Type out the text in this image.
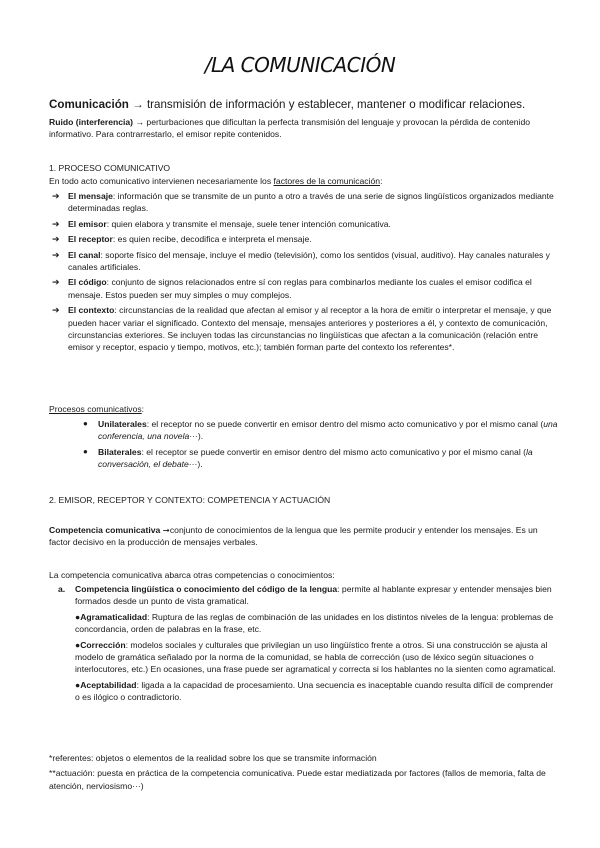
/LA COMUNICACIÓN
Comunicación → transmisión de información y establecer, mantener o modificar relaciones.
Ruido (interferencia) → perturbaciones que dificultan la perfecta transmisión del lenguaje y provocan la pérdida de contenido informativo. Para contrarrestarlo, el emisor repite contenidos.
1. PROCESO COMUNICATIVO
En todo acto comunicativo intervienen necesariamente los factores de la comunicación:
➔ El mensaje: información que se transmite de un punto a otro a través de una serie de signos lingüísticos organizados mediante determinadas reglas.
➔ El emisor: quien elabora y transmite el mensaje, suele tener intención comunicativa.
➔ El receptor: es quien recibe, decodifica e interpreta el mensaje.
➔ El canal: soporte físico del mensaje, incluye el medio (televisión), como los sentidos (visual, auditivo). Hay canales naturales y canales artificiales.
➔ El código: conjunto de signos relacionados entre sí con reglas para combinarlos mediante los cuales el emisor codifica el mensaje. Estos pueden ser muy simples o muy complejos.
➔ El contexto: circunstancias de la realidad que afectan al emisor y al receptor a la hora de emitir o interpretar el mensaje, y que pueden hacer variar el significado. Contexto del mensaje, mensajes anteriores y posteriores a él, y contexto de comunicación, circunstancias exteriores. Se incluyen todas las circunstancias no lingüísticas que afectan a la comunicación (relación entre emisor y receptor, espacio y tiempo, motivos, etc.); también forman parte del contexto los referentes*.
Procesos comunicativos:
● Unilaterales: el receptor no se puede convertir en emisor dentro del mismo acto comunicativo y por el mismo canal (una conferencia, una novela···).
● Bilaterales: el receptor se puede convertir en emisor dentro del mismo acto comunicativo y por el mismo canal (la conversación, el debate···).
2. EMISOR, RECEPTOR Y CONTEXTO: COMPETENCIA Y ACTUACIÓN
Competencia comunicativa ➞conjunto de conocimientos de la lengua que les permite producir y entender los mensajes. Es un factor decisivo en la producción de mensajes verbales.
La competencia comunicativa abarca otras competencias o conocimientos:
a. Competencia lingüística o conocimiento del código de la lengua: permite al hablante expresar y entender mensajes bien formados desde un punto de vista gramatical.
●Agramaticalidad: Ruptura de las reglas de combinación de las unidades en los distintos niveles de la lengua: problemas de concordancia, orden de palabras en la frase, etc.
●Corrección: modelos sociales y culturales que privilegian un uso lingüístico frente a otros. Si una construcción se ajusta al modelo de gramática señalado por la norma de la comunidad, se habla de corrección (uso de léxico según situaciones o interlocutores, etc.) En ocasiones, una frase puede ser agramatical y correcta si los hablantes no la sienten como agramatical.
●Aceptabilidad: ligada a la capacidad de procesamiento. Una secuencia es inaceptable cuando resulta difícil de comprender o es ilógico o contradictorio.
*referentes: objetos o elementos de la realidad sobre los que se transmite información
**actuación: puesta en práctica de la competencia comunicativa. Puede estar mediatizada por factores (fallos de memoria, falta de atención, nerviosismo···)
